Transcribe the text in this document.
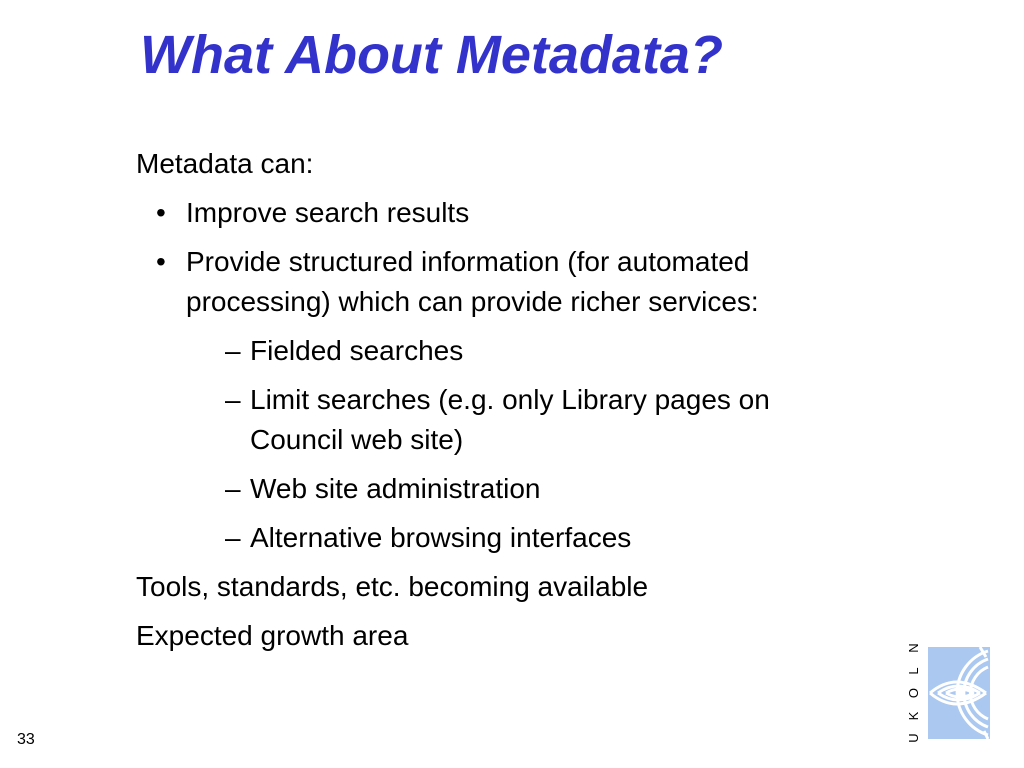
What About Metadata?
Metadata can:
• Improve search results
• Provide structured information (for automated
processing) which can provide richer services:
– Fielded searches
– Limit searches (e.g. only Library pages on
Council web site)
– Web site administration
– Alternative browsing interfaces
Tools, standards, etc. becoming available
Expected growth area
33
N
L
O
K
U
